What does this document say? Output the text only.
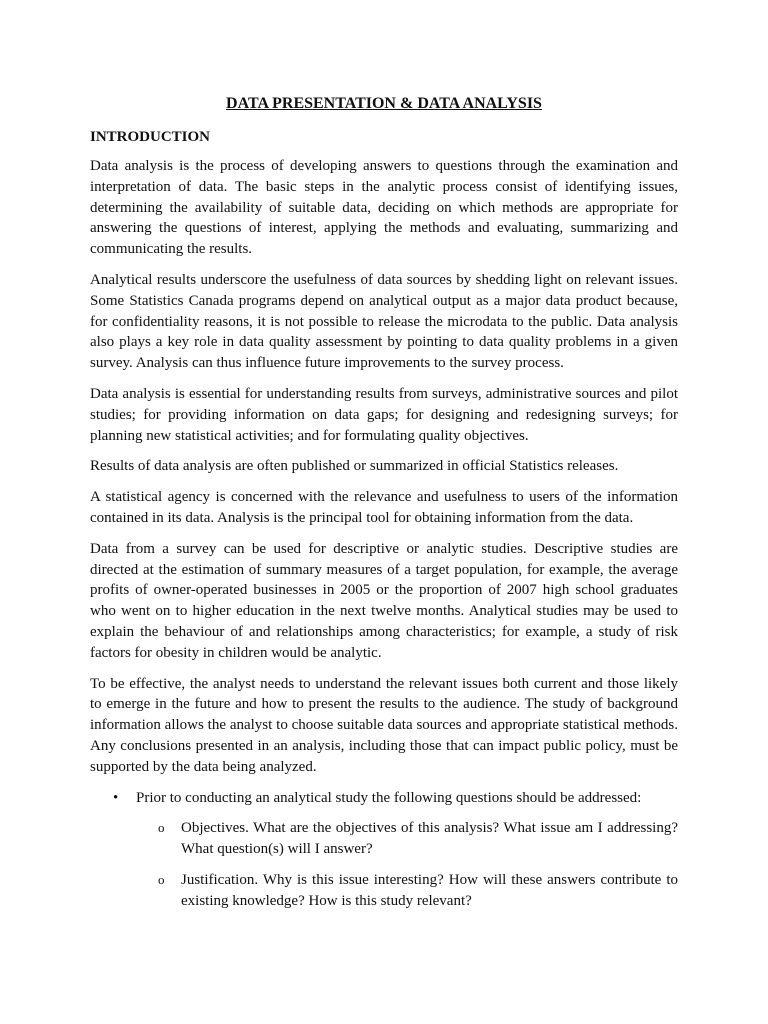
DATA PRESENTATION & DATA ANALYSIS
INTRODUCTION

Data analysis is the process of developing answers to questions through the examination and interpretation of data. The basic steps in the analytic process consist of identifying issues, determining the availability of suitable data, deciding on which methods are appropriate for answering the questions of interest, applying the methods and evaluating, summarizing and communicating the results.

Analytical results underscore the usefulness of data sources by shedding light on relevant issues. Some Statistics Canada programs depend on analytical output as a major data product because, for confidentiality reasons, it is not possible to release the microdata to the public. Data analysis also plays a key role in data quality assessment by pointing to data quality problems in a given survey. Analysis can thus influence future improvements to the survey process.

Data analysis is essential for understanding results from surveys, administrative sources and pilot studies; for providing information on data gaps; for designing and redesigning surveys; for planning new statistical activities; and for formulating quality objectives.

Results of data analysis are often published or summarized in official Statistics releases.

A statistical agency is concerned with the relevance and usefulness to users of the information contained in its data. Analysis is the principal tool for obtaining information from the data.

Data from a survey can be used for descriptive or analytic studies. Descriptive studies are directed at the estimation of summary measures of a target population, for example, the average profits of owner-operated businesses in 2005 or the proportion of 2007 high school graduates who went on to higher education in the next twelve months. Analytical studies may be used to explain the behaviour of and relationships among characteristics; for example, a study of risk factors for obesity in children would be analytic.

To be effective, the analyst needs to understand the relevant issues both current and those likely to emerge in the future and how to present the results to the audience. The study of background information allows the analyst to choose suitable data sources and appropriate statistical methods. Any conclusions presented in an analysis, including those that can impact public policy, must be supported by the data being analyzed.

• Prior to conducting an analytical study the following questions should be addressed:
o Objectives. What are the objectives of this analysis? What issue am I addressing? What question(s) will I answer?
o Justification. Why is this issue interesting? How will these answers contribute to existing knowledge? How is this study relevant?
